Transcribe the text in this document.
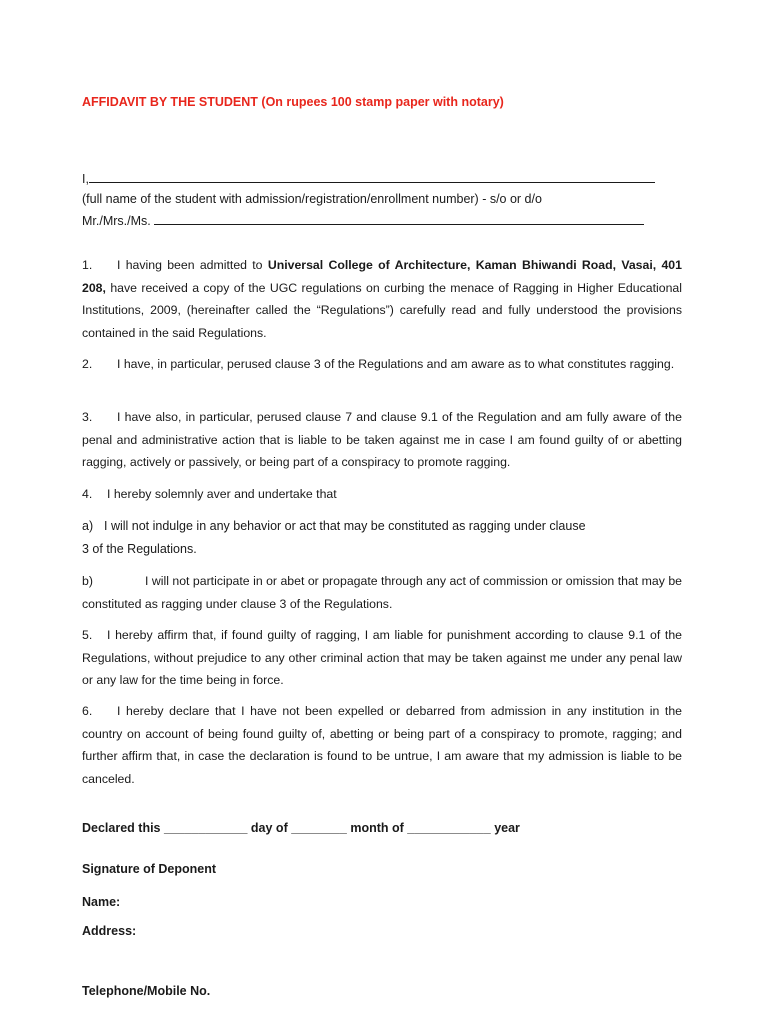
AFFIDAVIT BY THE STUDENT (On rupees 100 stamp paper with notary)
I,
(full name of the student with admission/registration/enrollment number) - s/o or d/o
Mr./Mrs./Ms.
1. I having been admitted to Universal College of Architecture, Kaman Bhiwandi Road, Vasai, 401 208, have received a copy of the UGC regulations on curbing the menace of Ragging in Higher Educational Institutions, 2009, (hereinafter called the “Regulations”) carefully read and fully understood the provisions contained in the said Regulations.
2. I have, in particular, perused clause 3 of the Regulations and am aware as to what constitutes ragging.
3. I have also, in particular, perused clause 7 and clause 9.1 of the Regulation and am fully aware of the penal and administrative action that is liable to be taken against me in case I am found guilty of or abetting ragging, actively or passively, or being part of a conspiracy to promote ragging.
4. I hereby solemnly aver and undertake that
a) I will not indulge in any behavior or act that may be constituted as ragging under clause
3 of the Regulations.
b)	I will not participate in or abet or propagate through any act of commission or omission that may be constituted as ragging under clause 3 of the Regulations.
5. I hereby affirm that, if found guilty of ragging, I am liable for punishment according to clause 9.1 of the Regulations, without prejudice to any other criminal action that may be taken against me under any penal law or any law for the time being in force.
6. I hereby declare that I have not been expelled or debarred from admission in any institution in the country on account of being found guilty of, abetting or being part of a conspiracy to promote, ragging; and further affirm that, in case the declaration is found to be untrue, I am aware that my admission is liable to be canceled.
Declared this ____________ day of ________ month of ____________ year
Signature of Deponent
Name:
Address:
Telephone/Mobile No.
